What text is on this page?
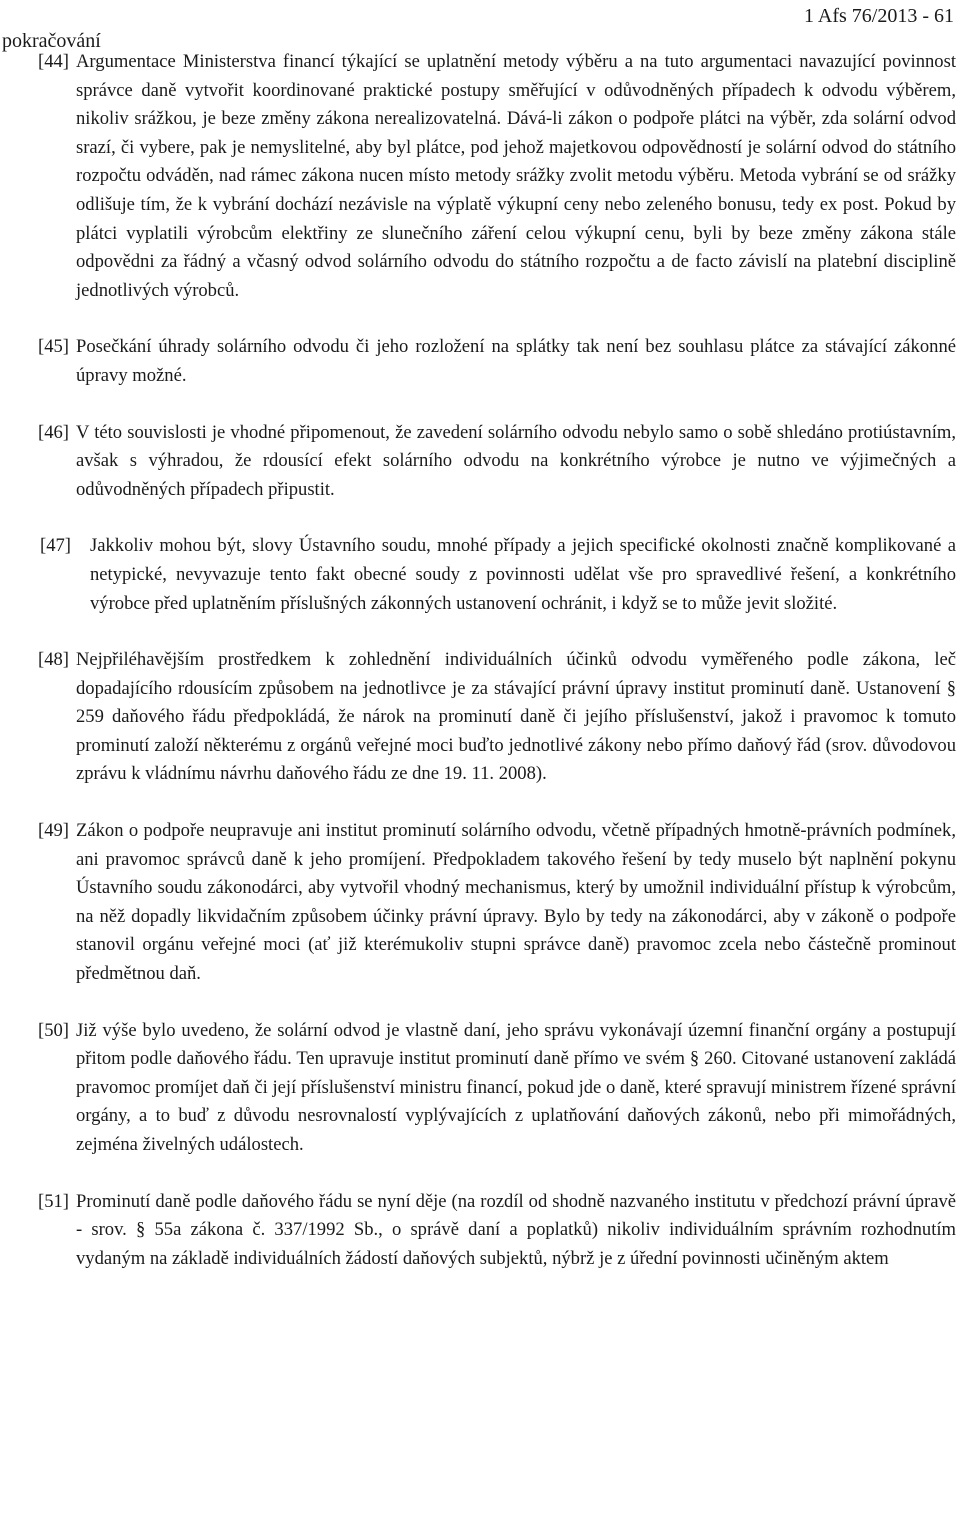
pokračování
1 Afs 76/2013 - 61
[44] Argumentace Ministerstva financí týkající se uplatnění metody výběru a na tuto argumentaci navazující povinnost správce daně vytvořit koordinované praktické postupy směřující v odůvodněných případech k odvodu výběrem, nikoliv srážkou, je beze změny zákona nerealizovatelná. Dává-li zákon o podpoře plátci na výběr, zda solární odvod srazí, či vybere, pak je nemyslitelné, aby byl plátce, pod jehož majetkovou odpovědností je solární odvod do státního rozpočtu odváděn, nad rámec zákona nucen místo metody srážky zvolit metodu výběru. Metoda vybrání se od srážky odlišuje tím, že k vybrání dochází nezávisle na výplatě výkupní ceny nebo zeleného bonusu, tedy ex post. Pokud by plátci vyplatili výrobcům elektřiny ze slunečního záření celou výkupní cenu, byli by beze změny zákona stále odpovědni za řádný a včasný odvod solárního odvodu do státního rozpočtu a de facto závislí na platební disciplině jednotlivých výrobců.
[45] Posečkání úhrady solárního odvodu či jeho rozložení na splátky tak není bez souhlasu plátce za stávající zákonné úpravy možné.
[46] V této souvislosti je vhodné připomenout, že zavedení solárního odvodu nebylo samo o sobě shledáno protiústavním, avšak s výhradou, že rdousící efekt solárního odvodu na konkrétního výrobce je nutno ve výjimečných a odůvodněných případech připustit.
[47]	Jakkoliv mohou být, slovy Ústavního soudu, mnohé případy a jejich specifické okolnosti značně komplikované a netypické, nevyvazuje tento fakt obecné soudy z povinnosti udělat vše pro spravedlivé řešení, a konkrétního výrobce před uplatněním příslušných zákonných ustanovení ochránit, i když se to může jevit složité.
[48] Nejpřiléhavějším prostředkem k zohlednění individuálních účinků odvodu vyměřeného podle zákona, leč dopadajícího rdousícím způsobem na jednotlivce je za stávající právní úpravy institut prominutí daně. Ustanovení § 259 daňového řádu předpokládá, že nárok na prominutí daně či jejího příslušenství, jakož i pravomoc k tomuto prominutí založí některému z orgánů veřejné moci buďto jednotlivé zákony nebo přímo daňový řád (srov. důvodovou zprávu k vládnímu návrhu daňového řádu ze dne 19. 11. 2008).
[49] Zákon o podpoře neupravuje ani institut prominutí solárního odvodu, včetně případných hmotně-právních podmínek, ani pravomoc správců daně k jeho promíjení. Předpokladem takového řešení by tedy muselo být naplnění pokynu Ústavního soudu zákonodárci, aby vytvořil vhodný mechanismus, který by umožnil individuální přístup k výrobcům, na něž dopadly likvidačním způsobem účinky právní úpravy. Bylo by tedy na zákonodárci, aby v zákoně o podpoře stanovil orgánu veřejné moci (ať již kterémukoliv stupni správce daně) pravomoc zcela nebo částečně prominout předmětnou daň.
[50] Již výše bylo uvedeno, že solární odvod je vlastně daní, jeho správu vykonávají územní finanční orgány a postupují přitom podle daňového řádu. Ten upravuje institut prominutí daně přímo ve svém § 260. Citované ustanovení zakládá pravomoc promíjet daň či její příslušenství ministru financí, pokud jde o daně, které spravují ministrem řízené správní orgány, a to buď z důvodu nesrovnalostí vyplývajících z uplatňování daňových zákonů, nebo při mimořádných, zejména živelných událostech.
[51] Prominutí daně podle daňového řádu se nyní děje (na rozdíl od shodně nazvaného institutu v předchozí právní úpravě - srov. § 55a zákona č. 337/1992 Sb., o správě daní a poplatků) nikoliv individuálním správním rozhodnutím vydaným na základě individuálních žádostí daňových subjektů, nýbrž je z úřední povinnosti učiněným aktem
